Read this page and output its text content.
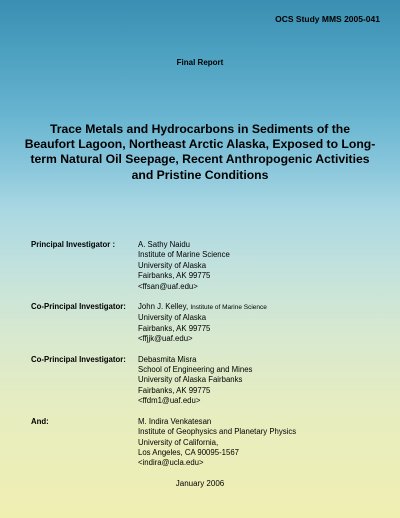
OCS Study MMS 2005-041
Final Report
Trace Metals and Hydrocarbons in Sediments of the Beaufort Lagoon, Northeast Arctic Alaska, Exposed to Long-term Natural Oil Seepage, Recent Anthropogenic Activities and Pristine Conditions
Principal Investigator :	A. Sathy Naidu
Institute of Marine Science
University of Alaska
Fairbanks, AK 99775
<ffsan@uaf.edu>
Co-Principal Investigator:	John J. Kelley, Institute of Marine Science
University of Alaska
Fairbanks, AK 99775
<ffjjk@uaf.edu>
Co-Principal Investigator:	Debasmita Misra
School of Engineering and Mines
University of Alaska Fairbanks
Fairbanks, AK 99775
<ffdm1@uaf.edu>
And:	M. Indira Venkatesan
Institute of Geophysics and Planetary Physics
University of California,
Los Angeles, CA 90095-1567
<indira@ucla.edu>
January 2006
